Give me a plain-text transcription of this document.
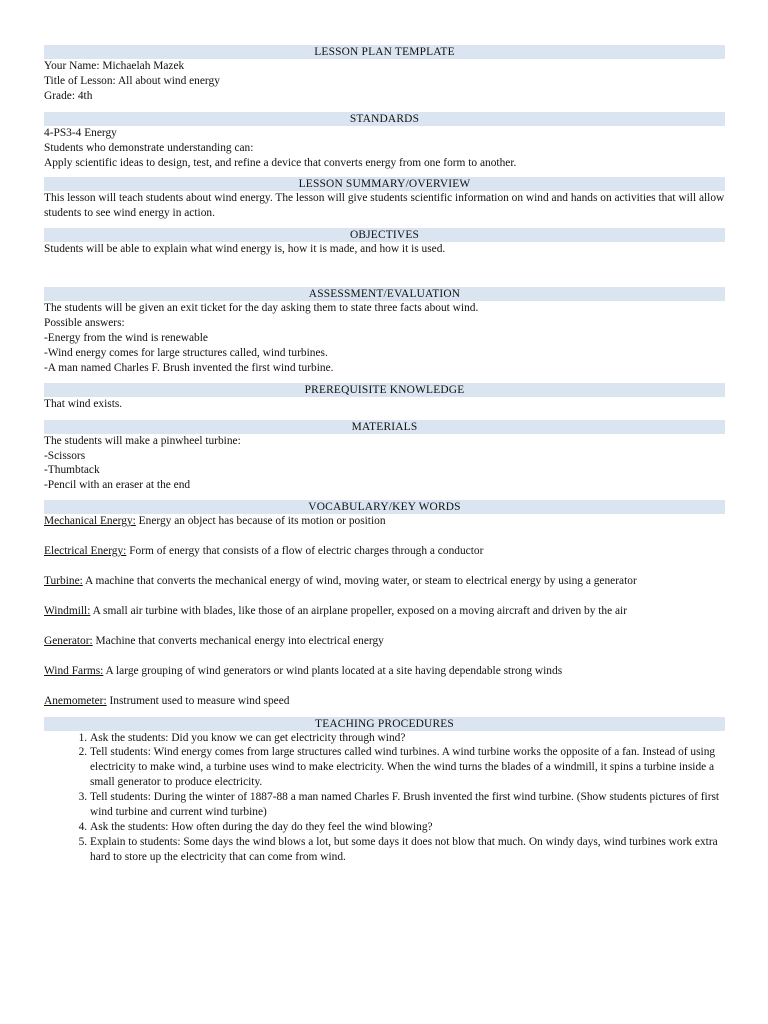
LESSON PLAN TEMPLATE
Your Name: Michaelah Mazek
Title of Lesson: All about wind energy
Grade: 4th
STANDARDS
4-PS3-4 Energy
Students who demonstrate understanding can:
Apply scientific ideas to design, test, and refine a device that converts energy from one form to another.
LESSON SUMMARY/OVERVIEW
This lesson will teach students about wind energy. The lesson will give students scientific information on wind and hands on activities that will allow students to see wind energy in action.
OBJECTIVES
Students will be able to explain what wind energy is, how it is made, and how it is used.
ASSESSMENT/EVALUATION
The students will be given an exit ticket for the day asking them to state three facts about wind.
Possible answers:
-Energy from the wind is renewable
-Wind energy comes for large structures called, wind turbines.
-A man named Charles F. Brush invented the first wind turbine.
PREREQUISITE KNOWLEDGE
That wind exists.
MATERIALS
The students will make a pinwheel turbine:
-Scissors
-Thumbtack
-Pencil with an eraser at the end
VOCABULARY/KEY WORDS
Mechanical Energy: Energy an object has because of its motion or position
Electrical Energy: Form of energy that consists of a flow of electric charges through a conductor
Turbine: A machine that converts the mechanical energy of wind, moving water, or steam to electrical energy by using a generator
Windmill: A small air turbine with blades, like those of an airplane propeller, exposed on a moving aircraft and driven by the air
Generator: Machine that converts mechanical energy into electrical energy
Wind Farms: A large grouping of wind generators or wind plants located at a site having dependable strong winds
Anemometer: Instrument used to measure wind speed
TEACHING PROCEDURES
1. Ask the students: Did you know we can get electricity through wind?
2. Tell students: Wind energy comes from large structures called wind turbines. A wind turbine works the opposite of a fan. Instead of using electricity to make wind, a turbine uses wind to make electricity. When the wind turns the blades of a windmill, it spins a turbine inside a small generator to produce electricity.
3. Tell students: During the winter of 1887-88 a man named Charles F. Brush invented the first wind turbine. (Show students pictures of first wind turbine and current wind turbine)
4. Ask the students: How often during the day do they feel the wind blowing?
5. Explain to students: Some days the wind blows a lot, but some days it does not blow that much. On windy days, wind turbines work extra hard to store up the electricity that can come from wind.
